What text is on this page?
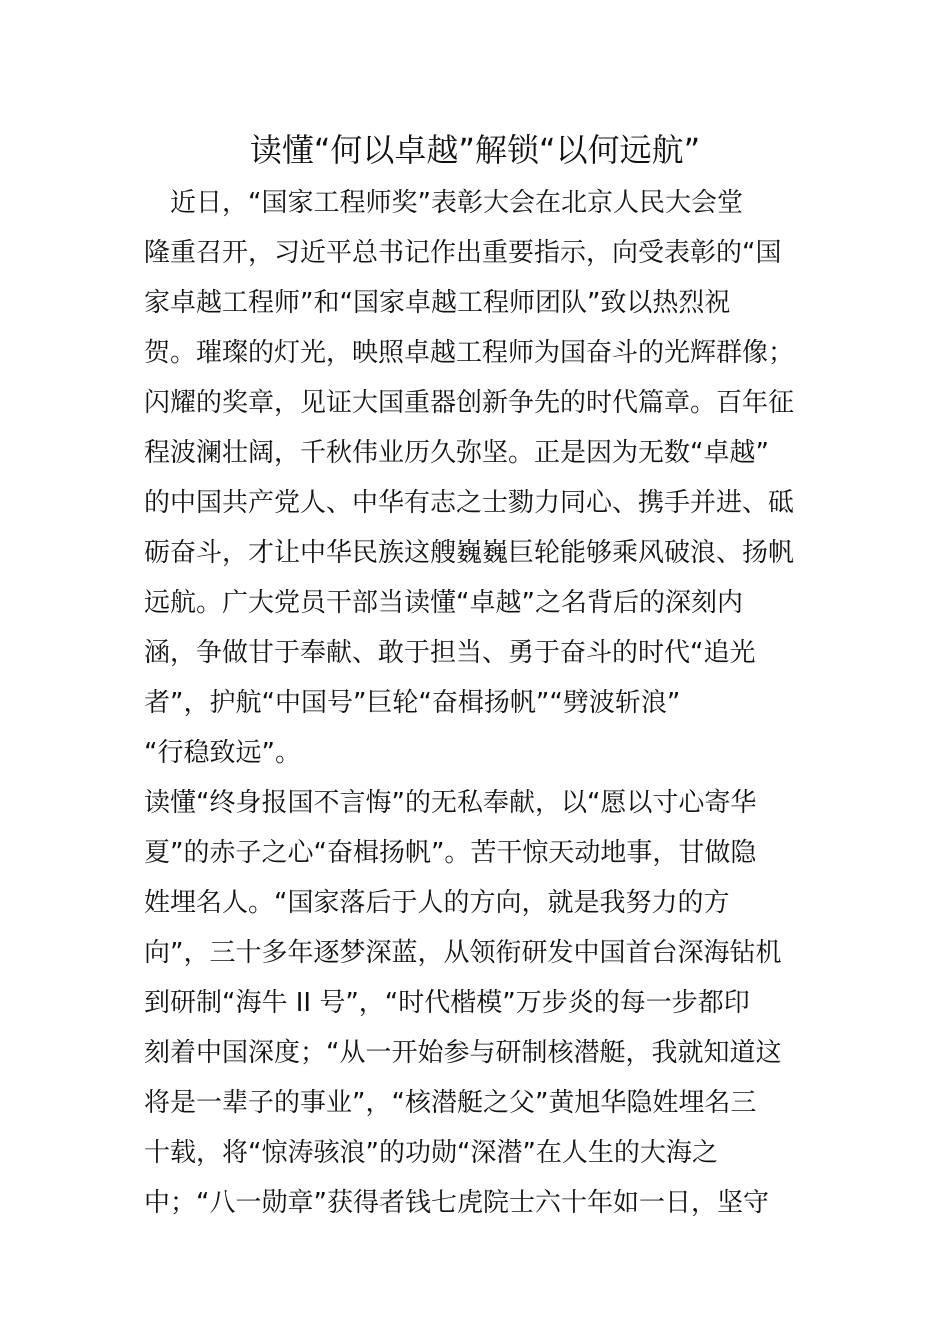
读懂“何以卓越”解锁“以何远航”

　近日，“国家工程师奖”表彰大会在北京人民大会堂

隆重召开，习近平总书记作出重要指示，向受表彰的“国

家卓越工程师”和“国家卓越工程师团队”致以热烈祝

贺。璀璨的灯光，映照卓越工程师为国奋斗的光辉群像；

闪耀的奖章，见证大国重器创新争先的时代篇章。百年征

程波澜壮阔，千秋伟业历久弥坚。正是因为无数“卓越”

的中国共产党人、中华有志之士勠力同心、携手并进、砥

砺奋斗，才让中华民族这艘巍巍巨轮能够乘风破浪、扬帆

远航。广大党员干部当读懂“卓越”之名背后的深刻内

涵，争做甘于奉献、敢于担当、勇于奋斗的时代“追光

者”，护航“中国号”巨轮“奋楫扬帆”“劈波斩浪”

“行稳致远”。

读懂“终身报国不言悔”的无私奉献，以“愿以寸心寄华

夏”的赤子之心“奋楫扬帆”。苦干惊天动地事，甘做隐

姓埋名人。“国家落后于人的方向，就是我努力的方

向”，三十多年逐梦深蓝，从领衔研发中国首台深海钻机

到研制“海牛 II 号”，“时代楷模”万步炎的每一步都印

刻着中国深度；“从一开始参与研制核潜艇，我就知道这

将是一辈子的事业”，“核潜艇之父”黄旭华隐姓埋名三

十载，将“惊涛骇浪”的功勋“深潜”在人生的大海之

中；“八一勋章”获得者钱七虎院士六十年如一日，坚守
